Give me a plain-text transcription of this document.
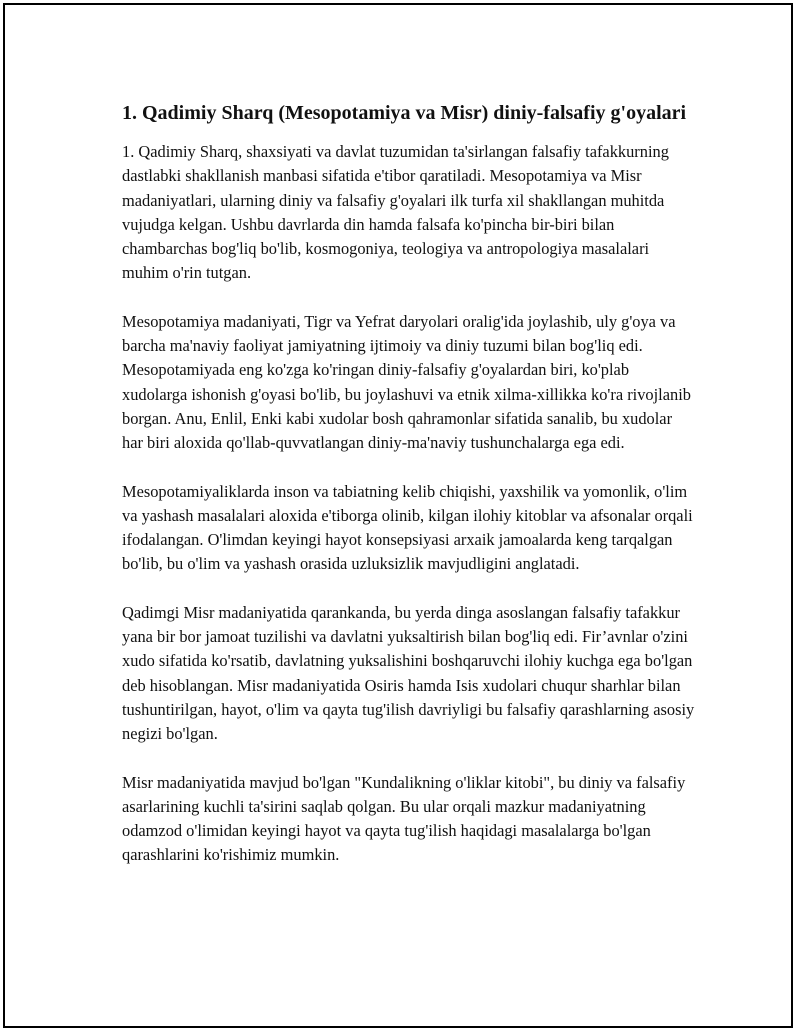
1. Qadimiy Sharq (Mesopotamiya va Misr) diniy-falsafiy g'oyalari

1. Qadimiy Sharq, shaxsiyati va davlat tuzumidan ta'sirlangan falsafiy tafakkurning dastlabki shakllanish manbasi sifatida e'tibor qaratiladi. Mesopotamiya va Misr madaniyatlari, ularning diniy va falsafiy g'oyalari ilk turfa xil shakllangan muhitda vujudga kelgan. Ushbu davrlarda din hamda falsafa ko'pincha bir-biri bilan chambarchas bog'liq bo'lib, kosmogoniya, teologiya va antropologiya masalalari muhim o'rin tutgan.

Mesopotamiya madaniyati, Tigr va Yefrat daryolari oralig'ida joylashib, uly g'oya va barcha ma'naviy faoliyat jamiyatning ijtimoiy va diniy tuzumi bilan bog'liq edi. Mesopotamiyada eng ko'zga ko'ringan diniy-falsafiy g'oyalardan biri, ko'plab xudolarga ishonish g'oyasi bo'lib, bu joylashuvi va etnik xilma-xillikka ko'ra rivojlanib borgan. Anu, Enlil, Enki kabi xudolar bosh qahramonlar sifatida sanalib, bu xudolar har biri aloxida qo'llab-quvvatlangan diniy-ma'naviy tushunchalarga ega edi.

Mesopotamiyaliklarda inson va tabiatning kelib chiqishi, yaxshilik va yomonlik, o'lim va yashash masalalari aloxida e'tiborga olinib, kilgan ilohiy kitoblar va afsonalar orqali ifodalangan. O'limdan keyingi hayot konsepsiyasi arxaik jamoalarda keng tarqalgan bo'lib, bu o'lim va yashash orasida uzluksizlik mavjudligini anglatadi.

Qadimgi Misr madaniyatida qarankanda, bu yerda dinga asoslangan falsafiy tafakkur yana bir bor jamoat tuzilishi va davlatni yuksaltirish bilan bog'liq edi. Fir’avnlar o'zini xudo sifatida ko'rsatib, davlatning yuksalishini boshqaruvchi ilohiy kuchga ega bo'lgan deb hisoblangan. Misr madaniyatida Osiris hamda Isis xudolari chuqur sharhlar bilan tushuntirilgan, hayot, o'lim va qayta tug'ilish davriyligi bu falsafiy qarashlarning asosiy negizi bo'lgan.

Misr madaniyatida mavjud bo'lgan "Kundalikning o'liklar kitobi", bu diniy va falsafiy asarlarining kuchli ta'sirini saqlab qolgan. Bu ular orqali mazkur madaniyatning odamzod o'limidan keyingi hayot va qayta tug'ilish haqidagi masalalarga bo'lgan qarashlarini ko'rishimiz mumkin.
